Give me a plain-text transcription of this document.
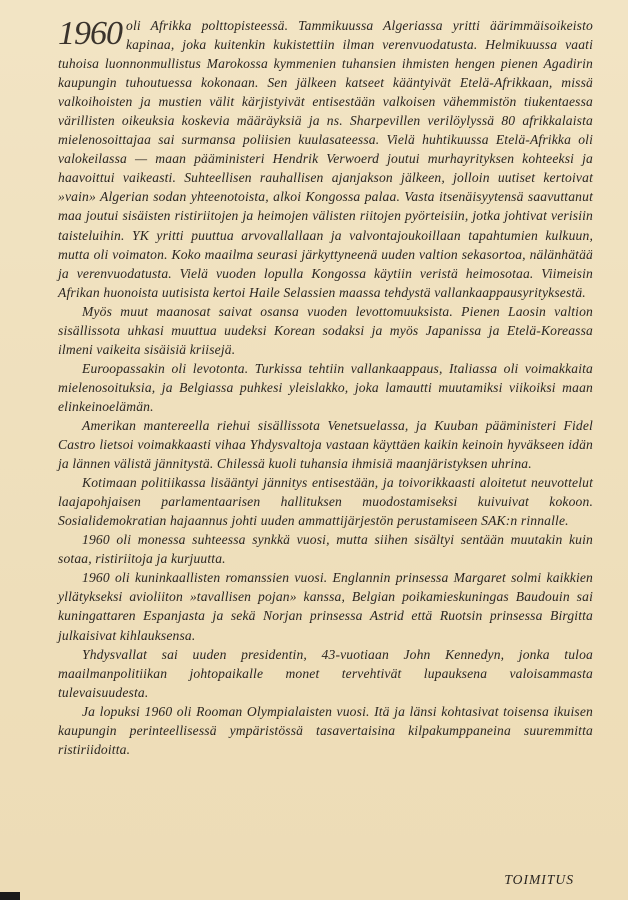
1960 oli Afrikka polttopisteessä. Tammikuussa Algeriassa yritti äärimmäisoikeisto kapinaa, joka kuitenkin kukistettiin ilman verenvuodatusta. Helmikuussa vaati tuhoisa luonnonmullistus Marokossa kymmenien tuhansien ihmisten hengen pienen Agadirin kaupungin tuhoutuessa kokonaan. Sen jälkeen katseet kääntyivät Etelä-Afrikkaan, missä valkoihoisten ja mustien välit kärjistyivät entisestään valkoisen vähemmistön tiukentaessa värillisten oikeuksia koskevia määräyksiä ja ns. Sharpevillen verilöylyssä 80 afrikkalaista mielenosoittajaa sai surmansa poliisien kuulasateessa. Vielä huhtikuussa Etelä-Afrikka oli valokeilassa — maan pääministeri Hendrik Verwoerd joutui murhayrityksen kohteeksi ja haavoittui vaikeasti. Suhteellisen rauhallisen ajanjakson jälkeen, jolloin uutiset kertoivat »vain» Algerian sodan yhteenotoista, alkoi Kongossa palaa. Vasta itsenäisyytensä saavuttanut maa joutui sisäisten ristiriitojen ja heimojen välisten riitojen pyörteisiin, jotka johtivat verisiin taisteluihin. YK yritti puuttua arvovallallaan ja valvontajoukoillaan tapahtumien kulkuun, mutta oli voimaton. Koko maailma seurasi järkyttyneenä uuden valtion sekasortoa, nälänhätää ja verenvuodatusta. Vielä vuoden lopulla Kongossa käytiin veristä heimosotaa. Viimeisin Afrikan huonoista uutisista kertoi Haile Selassien maassa tehdystä vallankaappausyrityksestä.

Myös muut maanosat saivat osansa vuoden levottomuuksista. Pienen Laosin valtion sisällissota uhkasi muuttua uudeksi Korean sodaksi ja myös Japanissa ja Etelä-Koreassa ilmeni vaikeita sisäisiä kriisejä.

Euroopassakin oli levotonta. Turkissa tehtiin vallankaappaus, Italiassa oli voimakkaita mielenosoituksia, ja Belgiassa puhkesi yleislakko, joka lamautti muutamiksi viikoiksi maan elinkeinoelämän.

Amerikan mantereella riehui sisällissota Venetsuelassa, ja Kuuban pääministeri Fidel Castro lietsoi voimakkaasti vihaa Yhdysvaltoja vastaan käyttäen kaikin keinoin hyväkseen idän ja lännen välistä jännitystä. Chilessä kuoli tuhansia ihmisiä maanjäristyksen uhrina.

Kotimaan politiikassa lisääntyi jännitys entisestään, ja toivorikkaasti aloitetut neuvottelut laajapohjaisen parlamentaarisen hallituksen muodostamiseksi kuivuivat kokoon. Sosialidemokratian hajaannus johti uuden ammattijärjestön perustamiseen SAK:n rinnalle.

1960 oli monessa suhteessa synkkä vuosi, mutta siihen sisältyi sentään muutakin kuin sotaa, ristiriitoja ja kurjuutta.

1960 oli kuninkaallisten romanssien vuosi. Englannin prinsessa Margaret solmi kaikkien yllätykseksi avioliiton »tavallisen pojan» kanssa, Belgian poikamieskuningas Baudouin sai kuningattaren Espanjasta ja sekä Norjan prinsessa Astrid että Ruotsin prinsessa Birgitta julkaisivat kihlauksensa.

Yhdysvallat sai uuden presidentin, 43-vuotiaan John Kennedyn, jonka tuloa maailmanpolitiikan johtopaikalle monet tervehtivät lupauksena valoisammasta tulevaisuudesta.

Ja lopuksi 1960 oli Rooman Olympialaisten vuosi. Itä ja länsi kohtasivat toisensa ikuisen kaupungin perinteellisessä ympäristössä tasavertaisina kilpakumppaneina suuremmitta ristiriidoitta.

TOIMITUS
